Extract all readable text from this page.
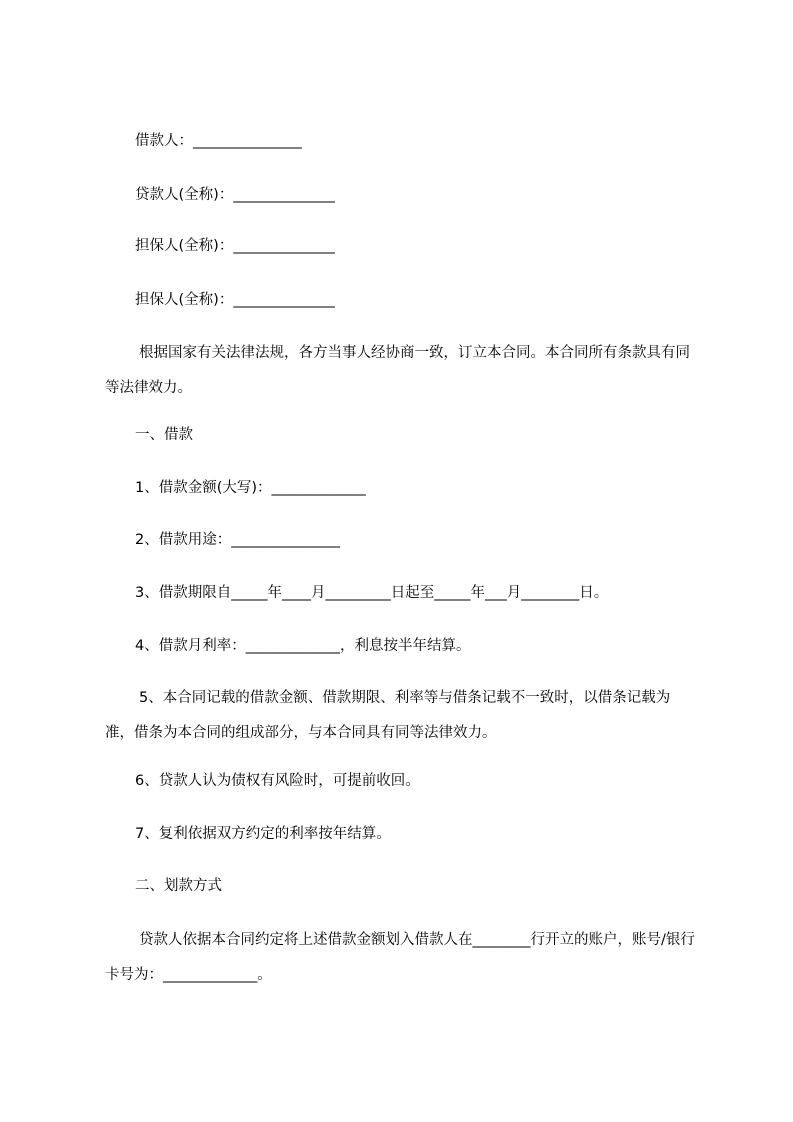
借款人：_______________
贷款人(全称)：______________
担保人(全称)：______________
担保人(全称)：______________
根据国家有关法律法规，各方当事人经协商一致，订立本合同。本合同所有条款具有同等法律效力。
一、借款
1、借款金额(大写)：_____________
2、借款用途：_______________
3、借款期限自_____年____月_________日起至_____年___月________日。
4、借款月利率：_____________，利息按半年结算。
5、本合同记载的借款金额、借款期限、利率等与借条记载不一致时，以借条记载为准，借条为本合同的组成部分，与本合同具有同等法律效力。
6、贷款人认为债权有风险时，可提前收回。
7、复利依据双方约定的利率按年结算。
二、划款方式
贷款人依据本合同约定将上述借款金额划入借款人在________行开立的账户，账号/银行卡号为：_____________。
